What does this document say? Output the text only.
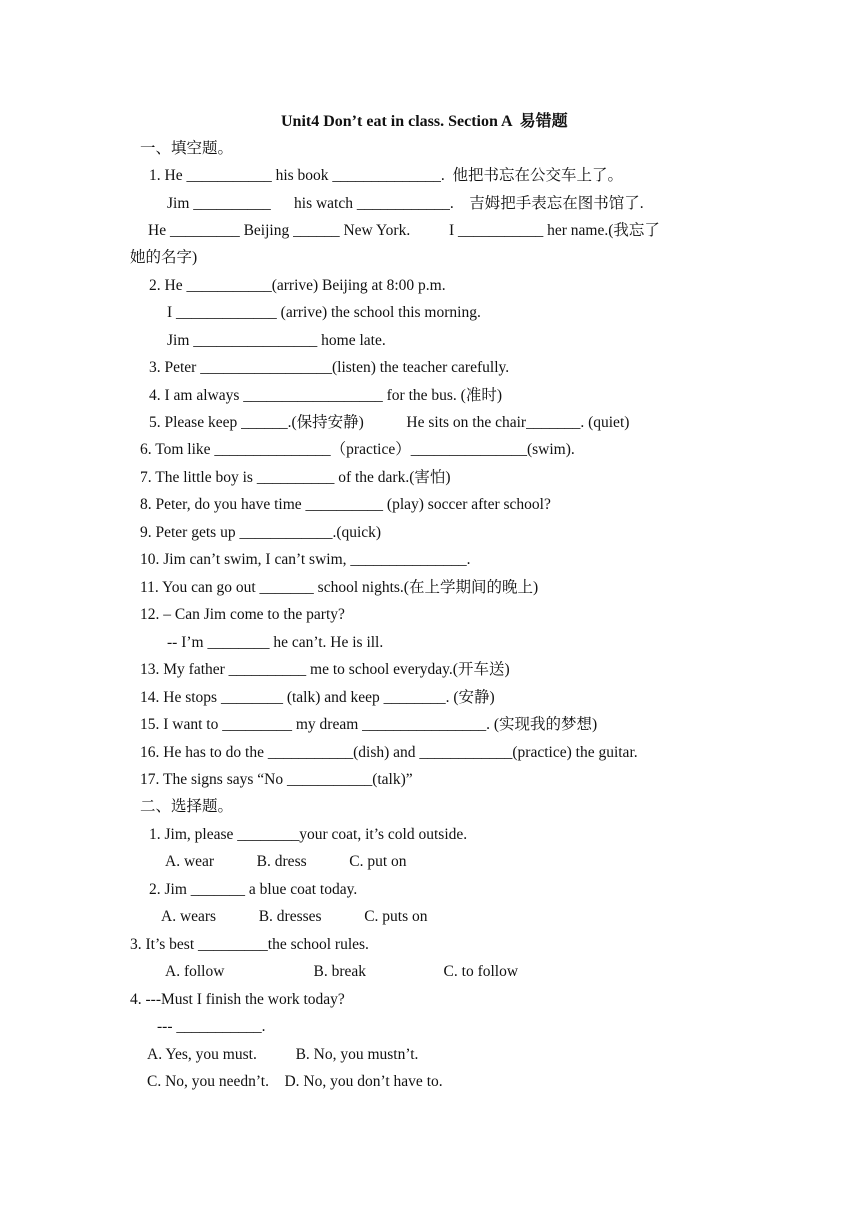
Unit4 Don’t eat in class. Section A  易错题
一、填空题。
1. He ___________ his book ______________.  他把书忘在公交车上了。
Jim __________      his watch ____________.    吉姆把手表忘在图书馆了.
He _________ Beijing ______ New York.          I ___________ her name.(我忘了
她的名字)
2. He ___________(arrive) Beijing at 8:00 p.m.
I _____________ (arrive) the school this morning.
Jim ________________ home late.
3. Peter _________________(listen) the teacher carefully.
4. I am always __________________ for the bus. (准时)
5. Please keep ______.(保持安静)           He sits on the chair_______. (quiet)
6. Tom like _______________（practice）_______________(swim).
7. The little boy is __________ of the dark.(害怕)
8. Peter, do you have time __________ (play) soccer after school?
9. Peter gets up ____________.(quick)
10. Jim can’t swim, I can’t swim, _______________.
11. You can go out _______ school nights.(在上学期间的晚上)
12. – Can Jim come to the party?
-- I’m ________ he can’t. He is ill.
13. My father __________ me to school everyday.(开车送)
14. He stops ________ (talk) and keep ________. (安静)
15. I want to _________ my dream ________________. (实现我的梦想)
16. He has to do the ___________(dish) and ____________(practice) the guitar.
17. The signs says “No ___________(talk)”
二、选择题。
1. Jim, please ________your coat, it’s cold outside.
A. wear           B. dress           C. put on
2. Jim _______ a blue coat today.
A. wears           B. dresses           C. puts on
3. It’s best _________the school rules.
A. follow                       B. break                    C. to follow
4. ---Must I finish the work today?
--- ___________.
A. Yes, you must.          B. No, you mustn’t.
C. No, you needn’t.    D. No, you don’t have to.
